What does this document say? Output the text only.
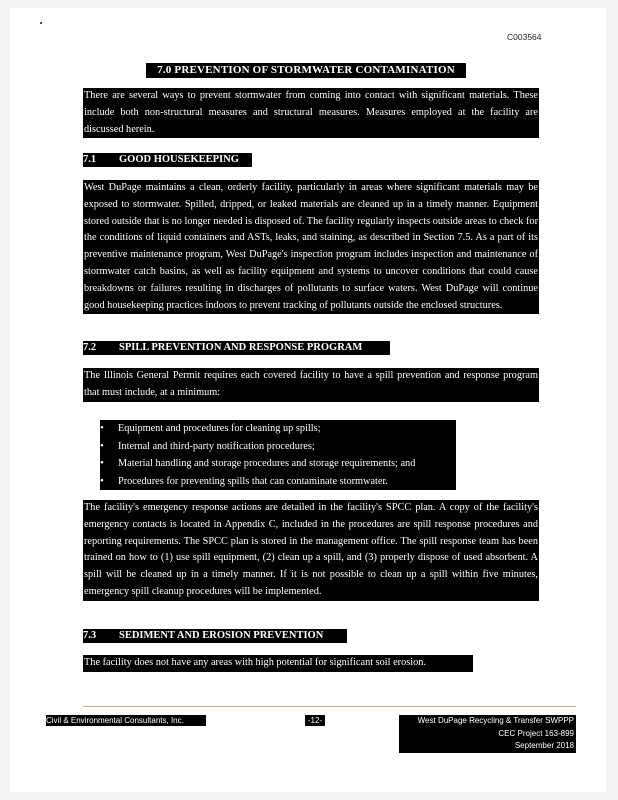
C003564
7.0 PREVENTION OF STORMWATER CONTAMINATION
There are several ways to prevent stormwater from coming into contact with significant materials. These include both non-structural measures and structural measures. Measures employed at the facility are discussed herein.
7.1 GOOD HOUSEKEEPING
West DuPage maintains a clean, orderly facility, particularly in areas where significant materials may be exposed to stormwater. Spilled, dripped, or leaked materials are cleaned up in a timely manner. Equipment stored outside that is no longer needed is disposed of. The facility regularly inspects outside areas to check for the conditions of liquid containers and ASTs, leaks, and staining, as described in Section 7.5. As a part of its preventive maintenance program, West DuPage's inspection program includes inspection and maintenance of stormwater catch basins, as well as facility equipment and systems to uncover conditions that could cause breakdowns or failures resulting in discharges of pollutants to surface waters. West DuPage will continue good housekeeping practices indoors to prevent tracking of pollutants outside the enclosed structures.
7.2 SPILL PREVENTION AND RESPONSE PROGRAM
The Illinois General Permit requires each covered facility to have a spill prevention and response program that must include, at a minimum:
•	Equipment and procedures for cleaning up spills;
•	Internal and third-party notification procedures;
•	Material handling and storage procedures and storage requirements; and
•	Procedures for preventing spills that can contaminate stormwater.
The facility's emergency response actions are detailed in the facility's SPCC plan. A copy of the facility's emergency contacts is located in Appendix C, included in the procedures are spill response procedures and reporting requirements. The SPCC plan is stored in the management office. The spill response team has been trained on how to (1) use spill equipment, (2) clean up a spill, and (3) properly dispose of used absorbent. A spill will be cleaned up in a timely manner. If it is not possible to clean up a spill within five minutes, emergency spill cleanup procedures will be implemented.
7.3 SEDIMENT AND EROSION PREVENTION
The facility does not have any areas with high potential for significant soil erosion.
Civil & Environmental Consultants, Inc.	-12-	West DuPage Recycling & Transfer SWPPP
CEC Project 163-899
September 2018
